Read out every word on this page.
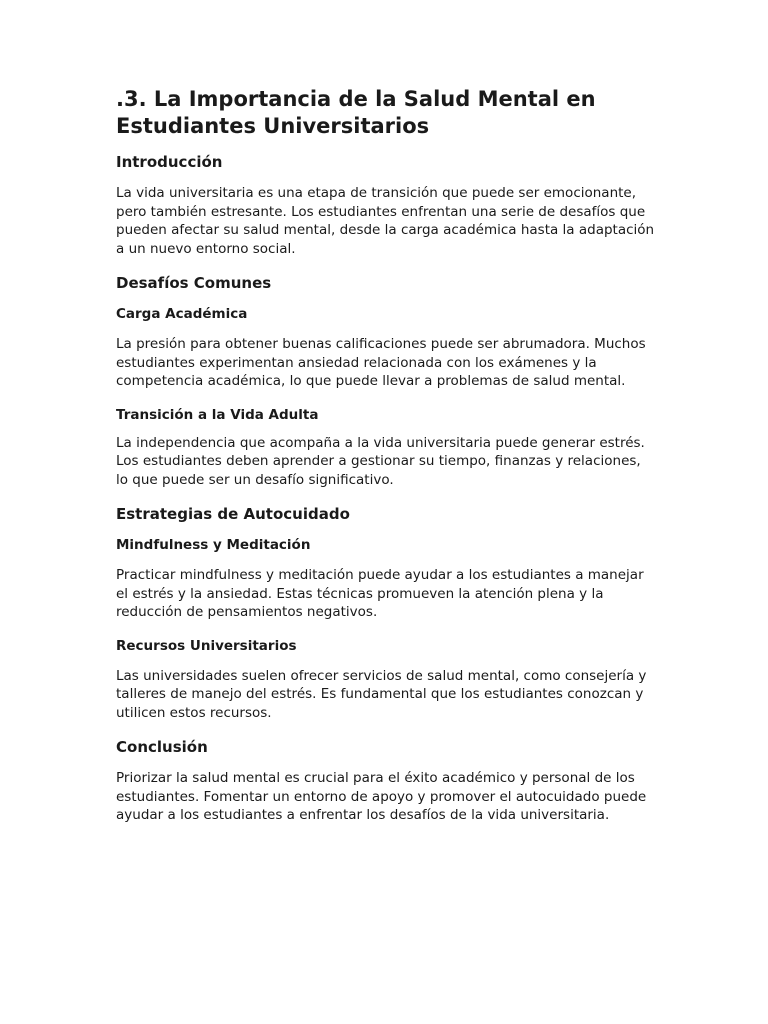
.3. La Importancia de la Salud Mental en Estudiantes Universitarios
Introducción

La vida universitaria es una etapa de transición que puede ser emocionante, pero también estresante. Los estudiantes enfrentan una serie de desafíos que pueden afectar su salud mental, desde la carga académica hasta la adaptación a un nuevo entorno social.

Desafíos Comunes
Carga Académica

La presión para obtener buenas calificaciones puede ser abrumadora. Muchos estudiantes experimentan ansiedad relacionada con los exámenes y la competencia académica, lo que puede llevar a problemas de salud mental.

Transición a la Vida Adulta

La independencia que acompaña a la vida universitaria puede generar estrés. Los estudiantes deben aprender a gestionar su tiempo, finanzas y relaciones, lo que puede ser un desafío significativo.

Estrategias de Autocuidado
Mindfulness y Meditación

Practicar mindfulness y meditación puede ayudar a los estudiantes a manejar el estrés y la ansiedad. Estas técnicas promueven la atención plena y la reducción de pensamientos negativos.

Recursos Universitarios

Las universidades suelen ofrecer servicios de salud mental, como consejería y talleres de manejo del estrés. Es fundamental que los estudiantes conozcan y utilicen estos recursos.

Conclusión

Priorizar la salud mental es crucial para el éxito académico y personal de los estudiantes. Fomentar un entorno de apoyo y promover el autocuidado puede ayudar a los estudiantes a enfrentar los desafíos de la vida universitaria.
